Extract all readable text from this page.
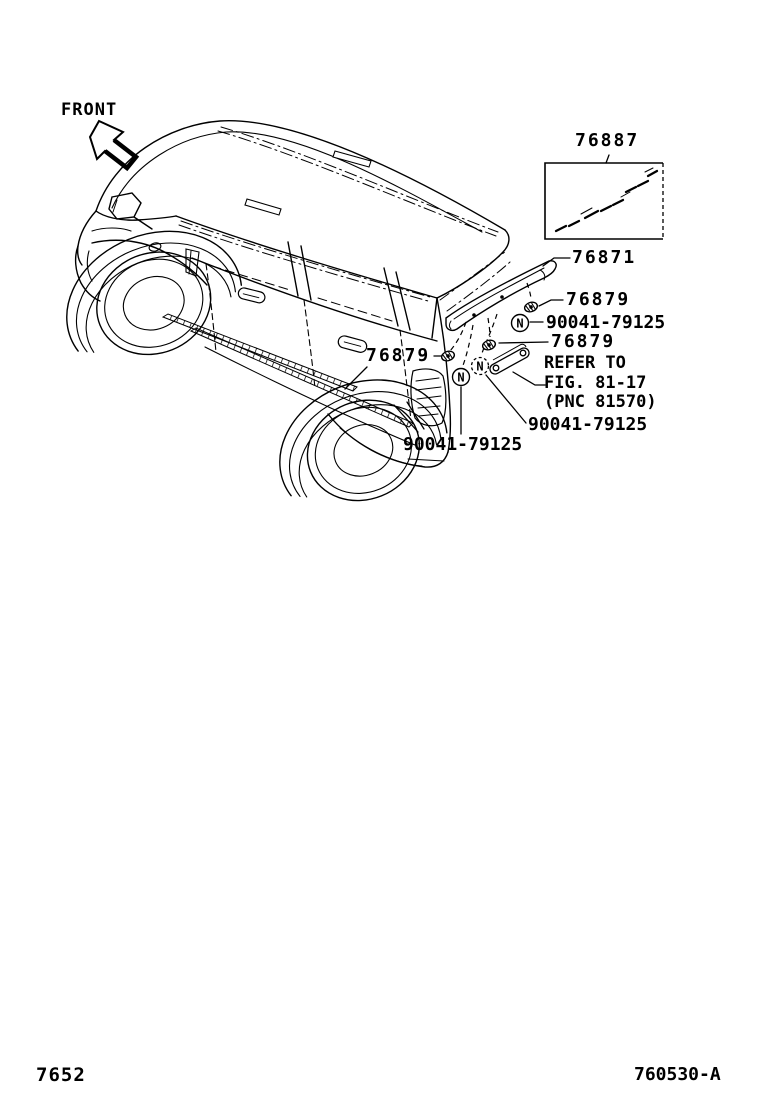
N
N
N
FRONT
76887
76871
76879
90041-79125
76879
REFER TO
FIG. 81-17
(PNC 81570)
90041-79125
90041-79125
76879
7652	760530-A
